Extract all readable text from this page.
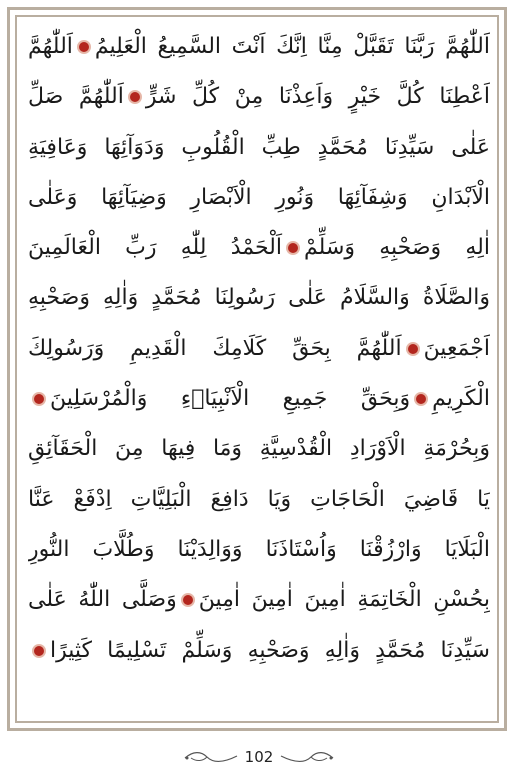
اَللّٰهُمَّ رَبَّنَا تَقَبَّلْ مِنَّا اِنَّكَ اَنْتَ السَّمِيعُ الْعَلِيمُاَللّٰهُمَّ
اَعْطِنَا كُلَّ خَيْرٍ وَاَعِذْنَا مِنْ كُلِّ شَرٍّاَللّٰهُمَّ صَلِّ
عَلٰى سَيِّدِنَا مُحَمَّدٍ طِبِّ الْقُلُوبِ وَدَوَآئِهَا وَعَافِيَةِ
الْاَبْدَانِ وَشِفَآئِهَا وَنُورِ الْاَبْصَارِ وَضِيَآئِهَا وَعَلٰى
اٰلِهِ وَصَحْبِهِ وَسَلِّمْاَلْحَمْدُ لِلّٰهِ رَبِّ الْعَالَمِينَ
وَالصَّلَاةُ وَالسَّلَامُ عَلٰى رَسُولِنَا مُحَمَّدٍ وَاٰلِهِ وَصَحْبِهِ
اَجْمَعِينَاَللّٰهُمَّ بِحَقِّ كَلَامِكَ الْقَدِيمِ وَرَسُولِكَ
الْكَرِيمِوَبِحَقِّ جَمِيعِ الْاَنْبِيَاۤءِ وَالْمُرْسَلِينَ
وَبِحُرْمَةِ الْاَوْرَادِ الْقُدْسِيَّةِ وَمَا فِيهَا مِنَ الْحَقَآئِقِ
يَا قَاضِيَ الْحَاجَاتِ وَيَا دَافِعَ الْبَلِيَّاتِ اِدْفَعْ عَنَّا
الْبَلَايَا وَارْزُقْنَا وَاُسْتَاذَنَا وَوَالِدَيْنَا وَطُلَّابَ النُّورِ
بِحُسْنِ الْخَاتِمَةِ اٰمِينَ اٰمِينَ اٰمِينَوَصَلَّى اللّٰهُ عَلٰى
سَيِّدِنَا مُحَمَّدٍ وَاٰلِهِ وَصَحْبِهِ وَسَلِّمْ تَسْلِيمًا كَثِيرًا
102
